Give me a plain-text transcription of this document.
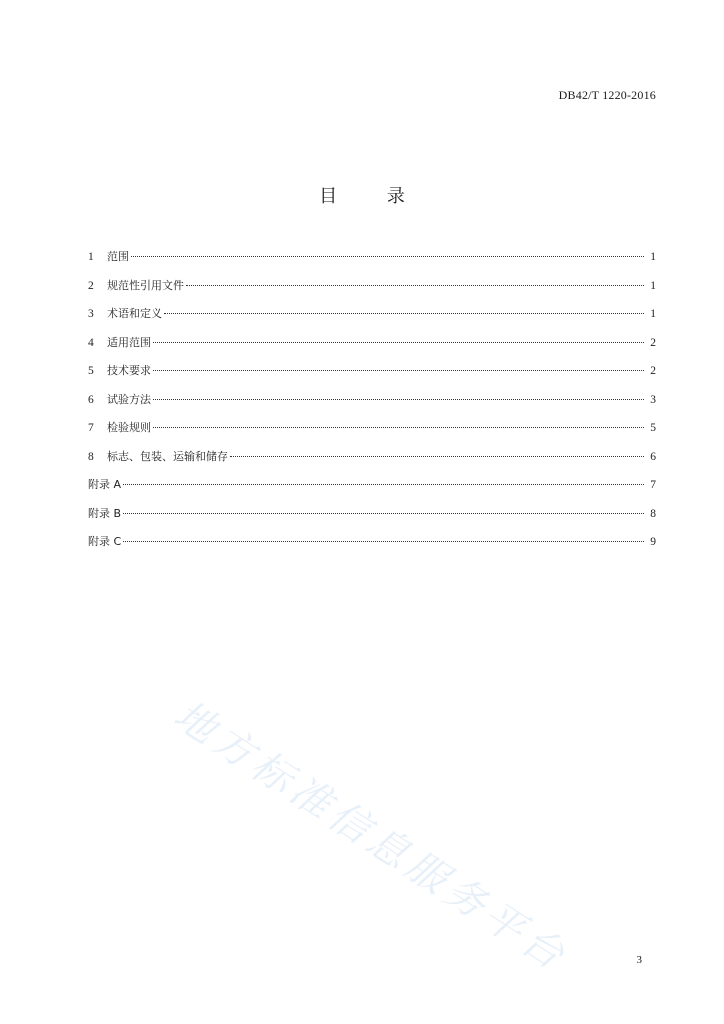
DB42/T 1220-2016
目 录
1	范围	1
2	规范性引用文件	1
3	术语和定义	1
4	适用范围	2
5	技术要求	2
6	试验方法	3
7	检验规则	5
8	标志、包装、运输和储存	6
附录 A	7
附录 B	8
附录 C	9
地方标准信息服务平台	3
